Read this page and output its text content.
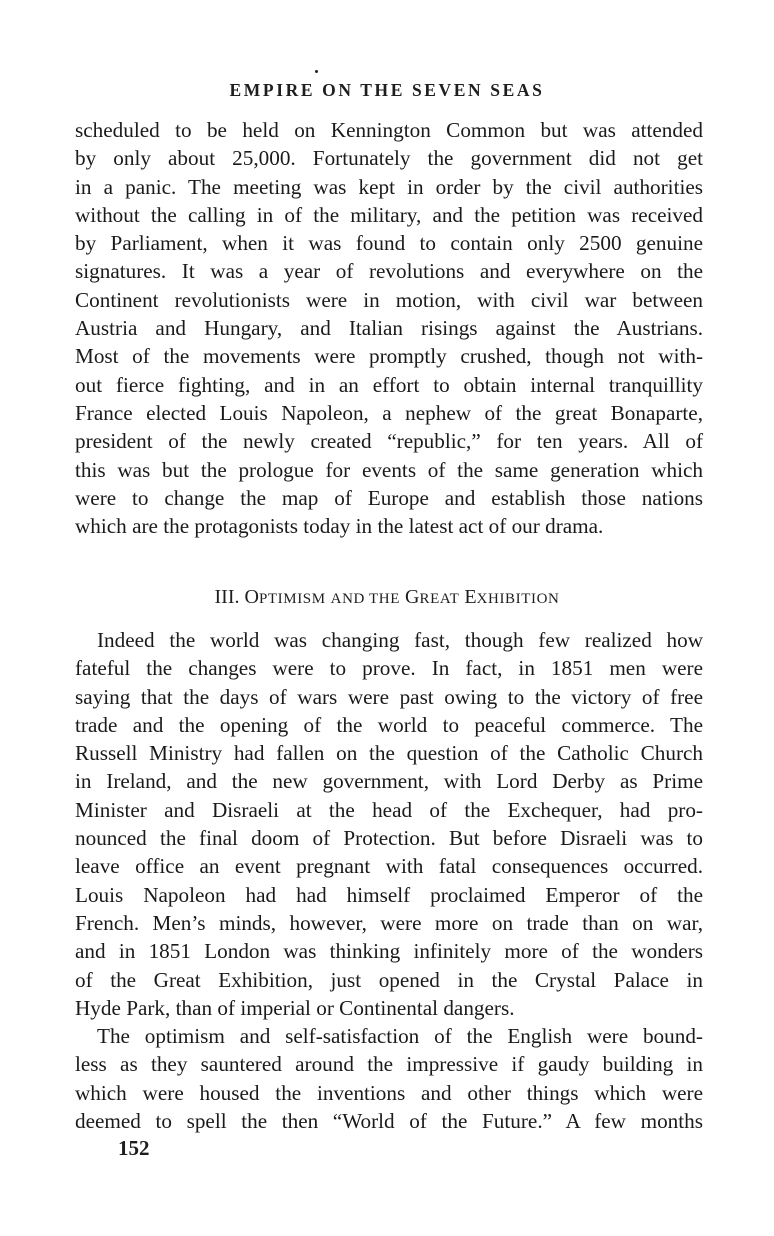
EMPIRE ON THE SEVEN SEAS
scheduled to be held on Kennington Common but was attended
by only about 25,000. Fortunately the government did not get
in a panic. The meeting was kept in order by the civil authorities
without the calling in of the military, and the petition was received
by Parliament, when it was found to contain only 2500 genuine
signatures. It was a year of revolutions and everywhere on the
Continent revolutionists were in motion, with civil war between
Austria and Hungary, and Italian risings against the Austrians.
Most of the movements were promptly crushed, though not with-
out fierce fighting, and in an effort to obtain internal tranquillity
France elected Louis Napoleon, a nephew of the great Bonaparte,
president of the newly created “republic,” for ten years. All of
this was but the prologue for events of the same generation which
were to change the map of Europe and establish those nations
which are the protagonists today in the latest act of our drama.
III. OPTIMISM AND THE GREAT EXHIBITION
Indeed the world was changing fast, though few realized how
fateful the changes were to prove. In fact, in 1851 men were
saying that the days of wars were past owing to the victory of free
trade and the opening of the world to peaceful commerce. The
Russell Ministry had fallen on the question of the Catholic Church
in Ireland, and the new government, with Lord Derby as Prime
Minister and Disraeli at the head of the Exchequer, had pro-
nounced the final doom of Protection. But before Disraeli was to
leave office an event pregnant with fatal consequences occurred.
Louis Napoleon had had himself proclaimed Emperor of the
French. Men’s minds, however, were more on trade than on war,
and in 1851 London was thinking infinitely more of the wonders
of the Great Exhibition, just opened in the Crystal Palace in
Hyde Park, than of imperial or Continental dangers.
The optimism and self-satisfaction of the English were bound-
less as they sauntered around the impressive if gaudy building in
which were housed the inventions and other things which were
deemed to spell the then “World of the Future.” A few months
152
